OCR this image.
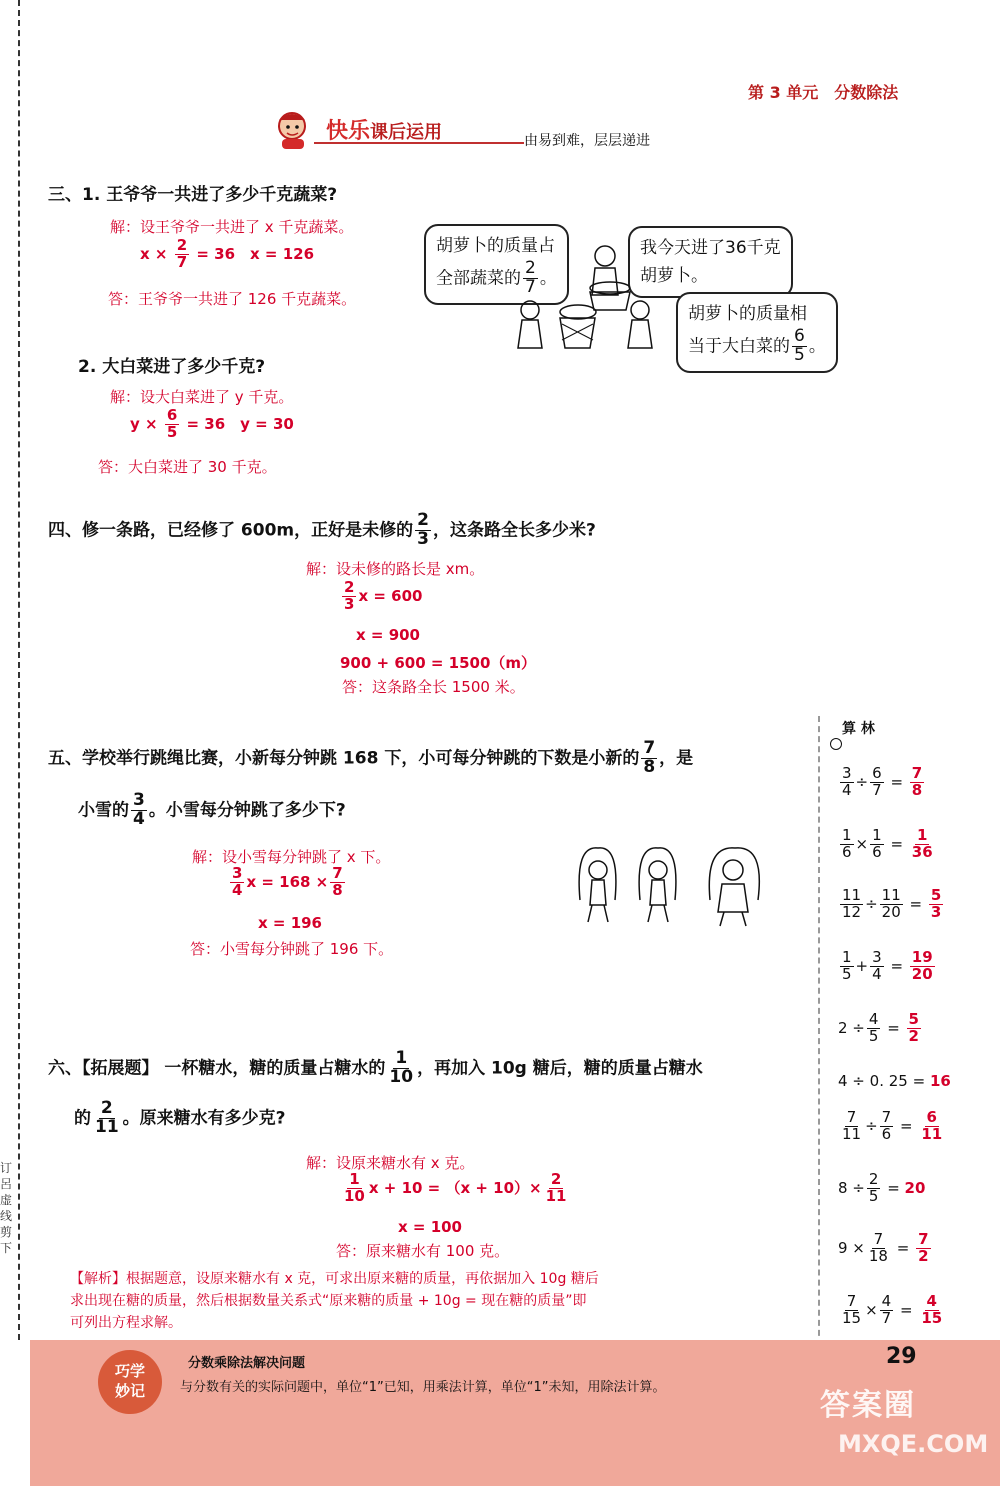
订
呂
虚
线
剪
下
第 3 单元　分数除法
快乐课后运用	由易到难，层层递进
三、1. 王爷爷一共进了多少千克蔬菜?
解：设王爷爷一共进了 x 千克蔬菜。
$x \times \frac{2}{7} = 36$　x = 126
答：王爷爷一共进了 126 千克蔬菜。
胡萝卜的质量占
全部蔬菜的 $\frac{2}{7}$ 。
我今天进了36千克
胡萝卜。
胡萝卜的质量相
当于大白菜的 $\frac{6}{5}$ 。
2. 大白菜进了多少千克?
解：设大白菜进了 y 千克。
$y \times \frac{6}{5} = 36$　y = 30
答：大白菜进了 30 千克。
四、修一条路，已经修了 600m，正好是未修的 $\frac{2}{3}$ ，这条路全长多少米?
解：设未修的路长是 xm。
$\frac{2}{3}$ x = 600
x = 900
900 + 600 = 1500（m）
答：这条路全长 1500 米。
五、学校举行跳绳比赛，小新每分钟跳 168 下，小可每分钟跳的下数是小新的 $\frac{7}{8}$ ，是
小雪的 $\frac{3}{4}$ 。小雪每分钟跳了多少下?
解：设小雪每分钟跳了 x 下。
$\frac{3}{4}$ $x = 168 \times \frac{7}{8}$
x = 196
答：小雪每分钟跳了 196 下。
六、【拓展题】 一杯糖水，糖的质量占糖水的 $\frac{1}{10}$ ，再加入 10g 糖后，糖的质量占糖水
的 $\frac{2}{11}$ 。原来糖水有多少克?
解：设原来糖水有 x 克。
$\frac{1}{10}$ $x + 10 = (x + 10)\times \frac{2}{11}$
x = 100
答：原来糖水有 100 克。
【解析】根据题意，设原来糖水有 x 克，可求出原来糖的质量，再依据加入 10g 糖后
求出现在糖的质量，然后根据数量关系式“原来糖的质量 + 10g = 现在糖的质量”即
可列出方程求解。
算 林
$\frac{3}{4} \div \frac{6}{7} = \frac{7}{8}$
$\frac{1}{6} \times \frac{1}{6} = \frac{1}{36}$
$\frac{11}{12} \div \frac{11}{20} = \frac{5}{3}$
$\frac{1}{5} + \frac{3}{4} = \frac{19}{20}$
$2 \div \frac{4}{5} = \frac{5}{2}$
4 ÷ 0. 25 = 16
$\frac{7}{11} \div \frac{7}{6} = \frac{6}{11}$
$8 \div \frac{2}{5} = 20$
$9 \times \frac{7}{18} = \frac{7}{2}$
$\frac{7}{15} \times \frac{4}{7} = \frac{4}{15}$
巧学
妙记
分数乘除法解决问题
与分数有关的实际问题中，单位“1”已知，用乘法计算，单位“1”未知，用除法计算。
29
答案圈
MXQE.COM
